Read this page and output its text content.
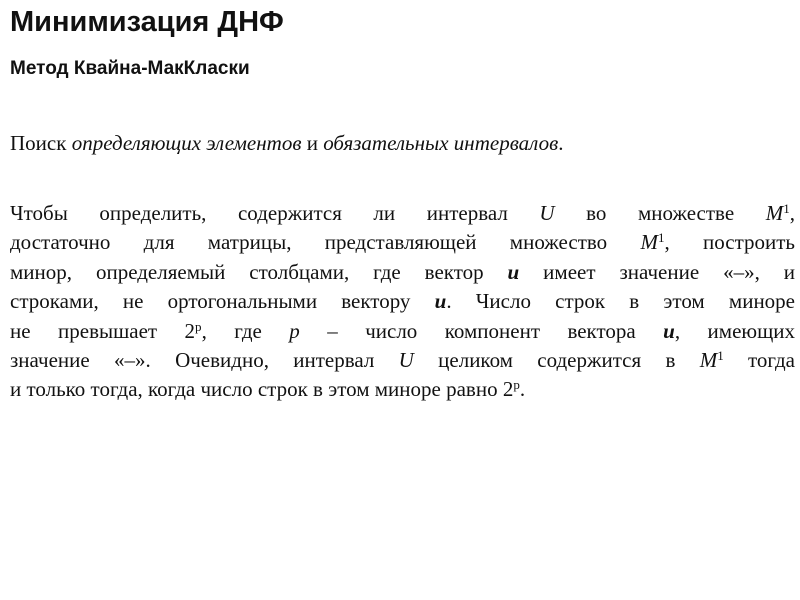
Минимизация ДНФ
Метод Квайна-МакКласки

Поиск определяющих элементов и обязательных интервалов.

Чтобы определить, содержится ли интервал U во множестве $M^1$,
достаточно для матрицы, представляющей множество $M^1$, построить
минор, определяемый столбцами, где вектор u имеет значение «–», и
строками, не ортогональными вектору u. Число строк в этом миноре
не превышает 2$^p$, где p – число компонент вектора u, имеющих
значение «–». Очевидно, интервал U целиком содержится в $M^1$ тогда
и только тогда, когда число строк в этом миноре равно 2$^p$.
